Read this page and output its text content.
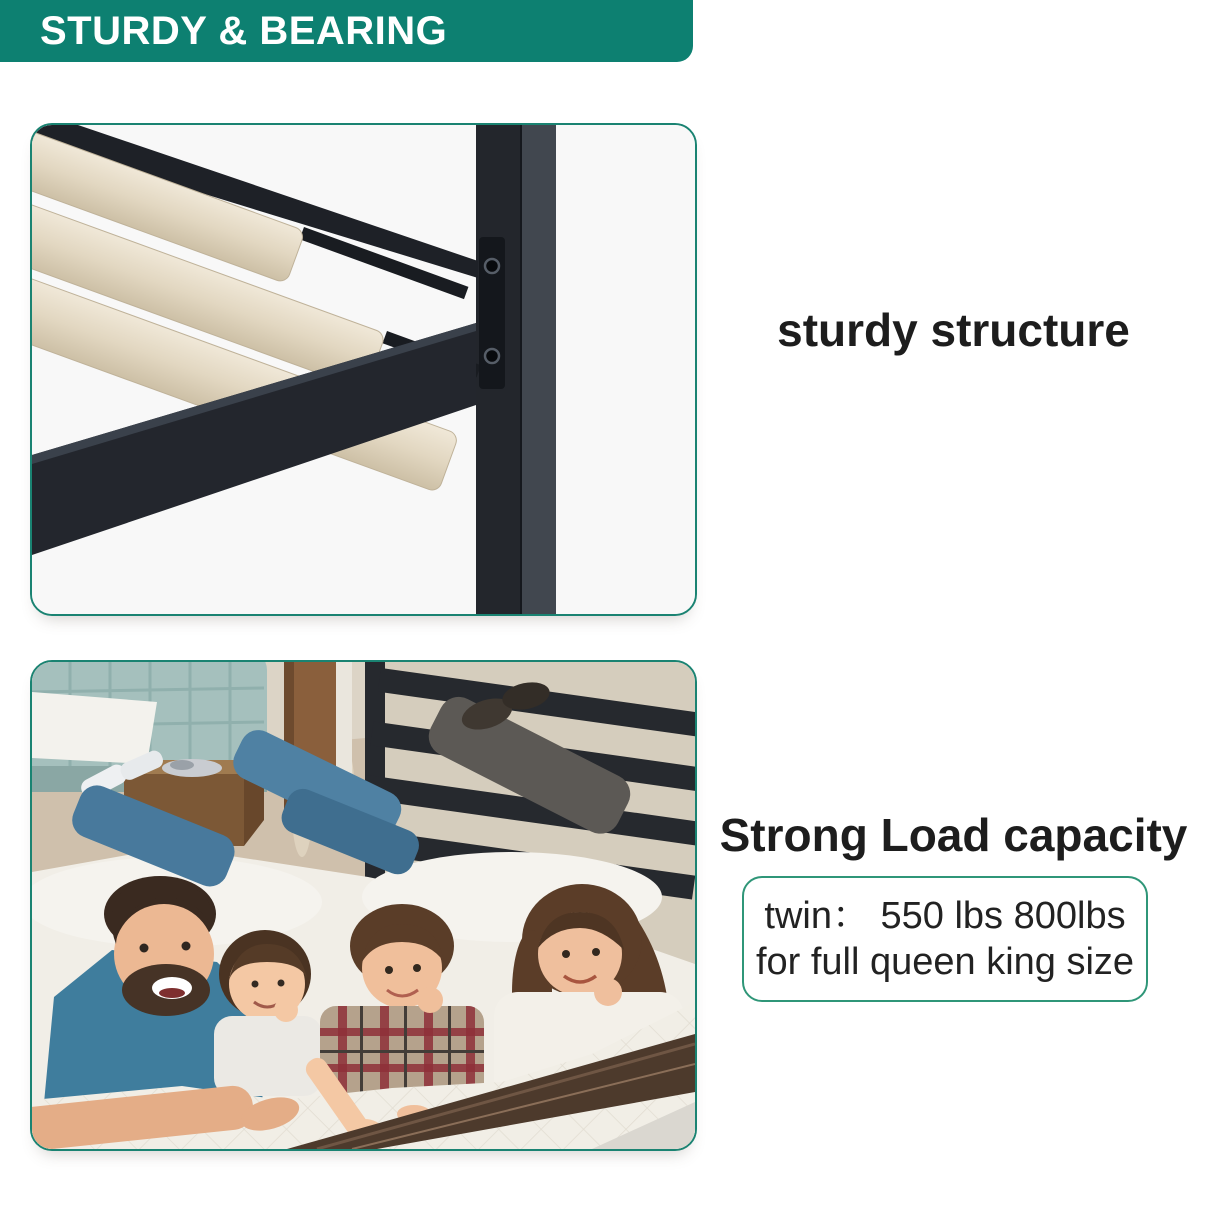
STURDY & BEARING
sturdy structure
Strong Load capacity
twin： 550 lbs 800lbs
for full queen king size
